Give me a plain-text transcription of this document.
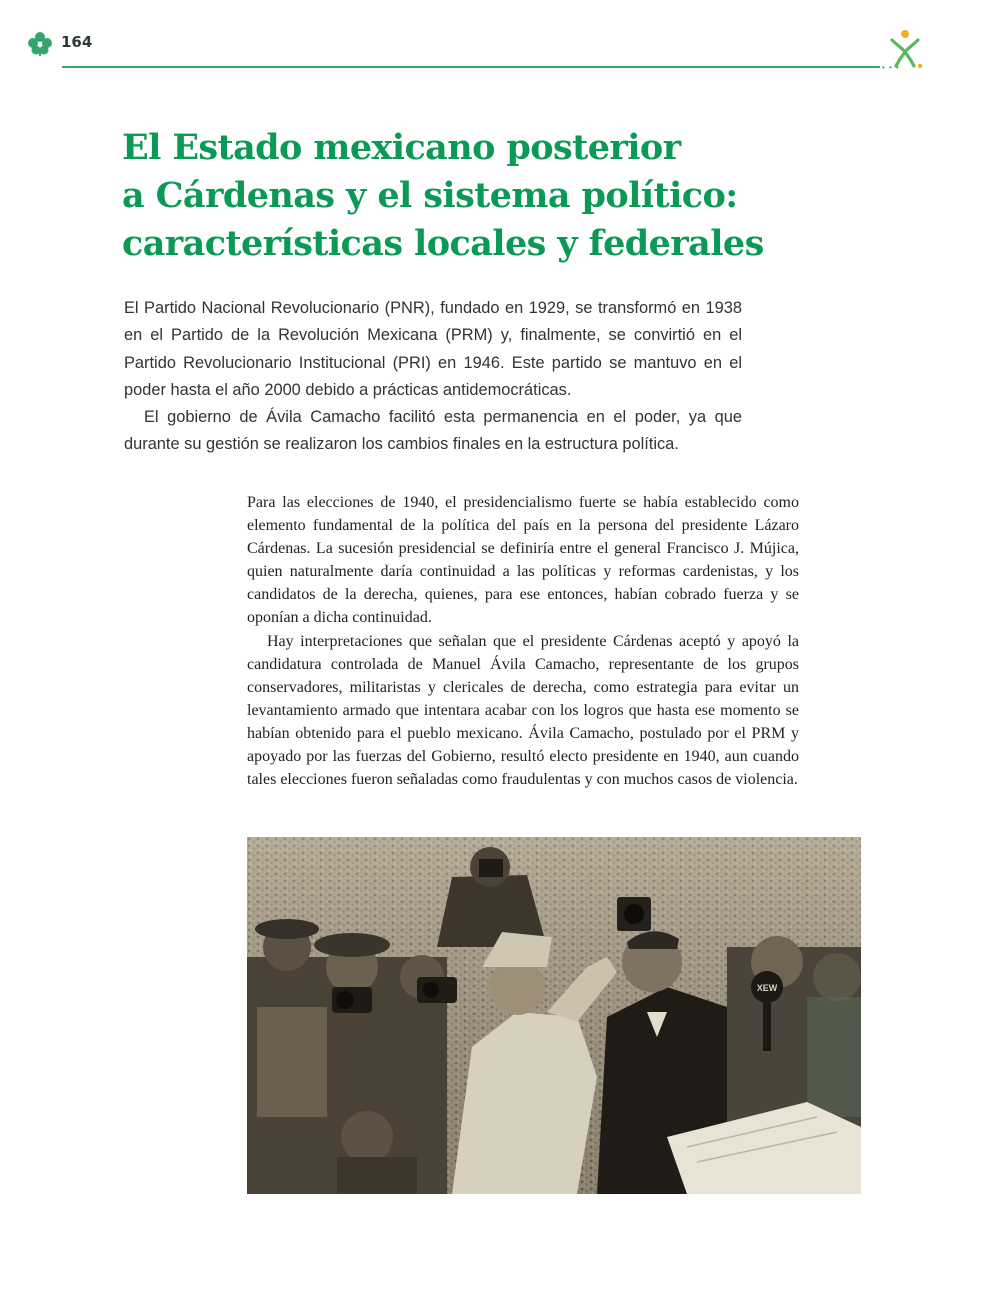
164
• • •
El Estado mexicano posterior
a Cárdenas y el sistema político:
características locales y federales

El Partido Nacional Revolucionario (PNR), fundado en 1929, se transformó en 1938 en el Partido de la Revolución Mexicana (PRM) y, finalmente, se convirtió en el Partido Revolucionario Institucional (PRI) en 1946. Este partido se mantuvo en el poder hasta el año 2000 debido a prácticas antidemocráticas.

El gobierno de Ávila Camacho facilitó esta permanencia en el poder, ya que durante su gestión se realizaron los cambios finales en la estructura política.

Para las elecciones de 1940, el presidencialismo fuerte se había establecido como elemento fundamental de la política del país en la persona del presidente Lázaro Cárdenas. La sucesión presidencial se definiría entre el general Francisco J. Mújica, quien naturalmente daría continuidad a las políticas y reformas cardenistas, y los candidatos de la derecha, quienes, para ese entonces, habían cobrado fuerza y se oponían a dicha continuidad.

Hay interpretaciones que señalan que el presidente Cárdenas aceptó y apoyó la candidatura controlada de Manuel Ávila Camacho, representante de los grupos conservadores, militaristas y clericales de derecha, como estrategia para evitar un levantamiento armado que intentara acabar con los logros que hasta ese momento se habían obtenido para el pueblo mexicano. Ávila Camacho, postulado por el PRM y apoyado por las fuerzas del Gobierno, resultó electo presidente en 1940, aun cuando tales elecciones fueron señaladas como fraudulentas y con muchos casos de violencia.

XEW
